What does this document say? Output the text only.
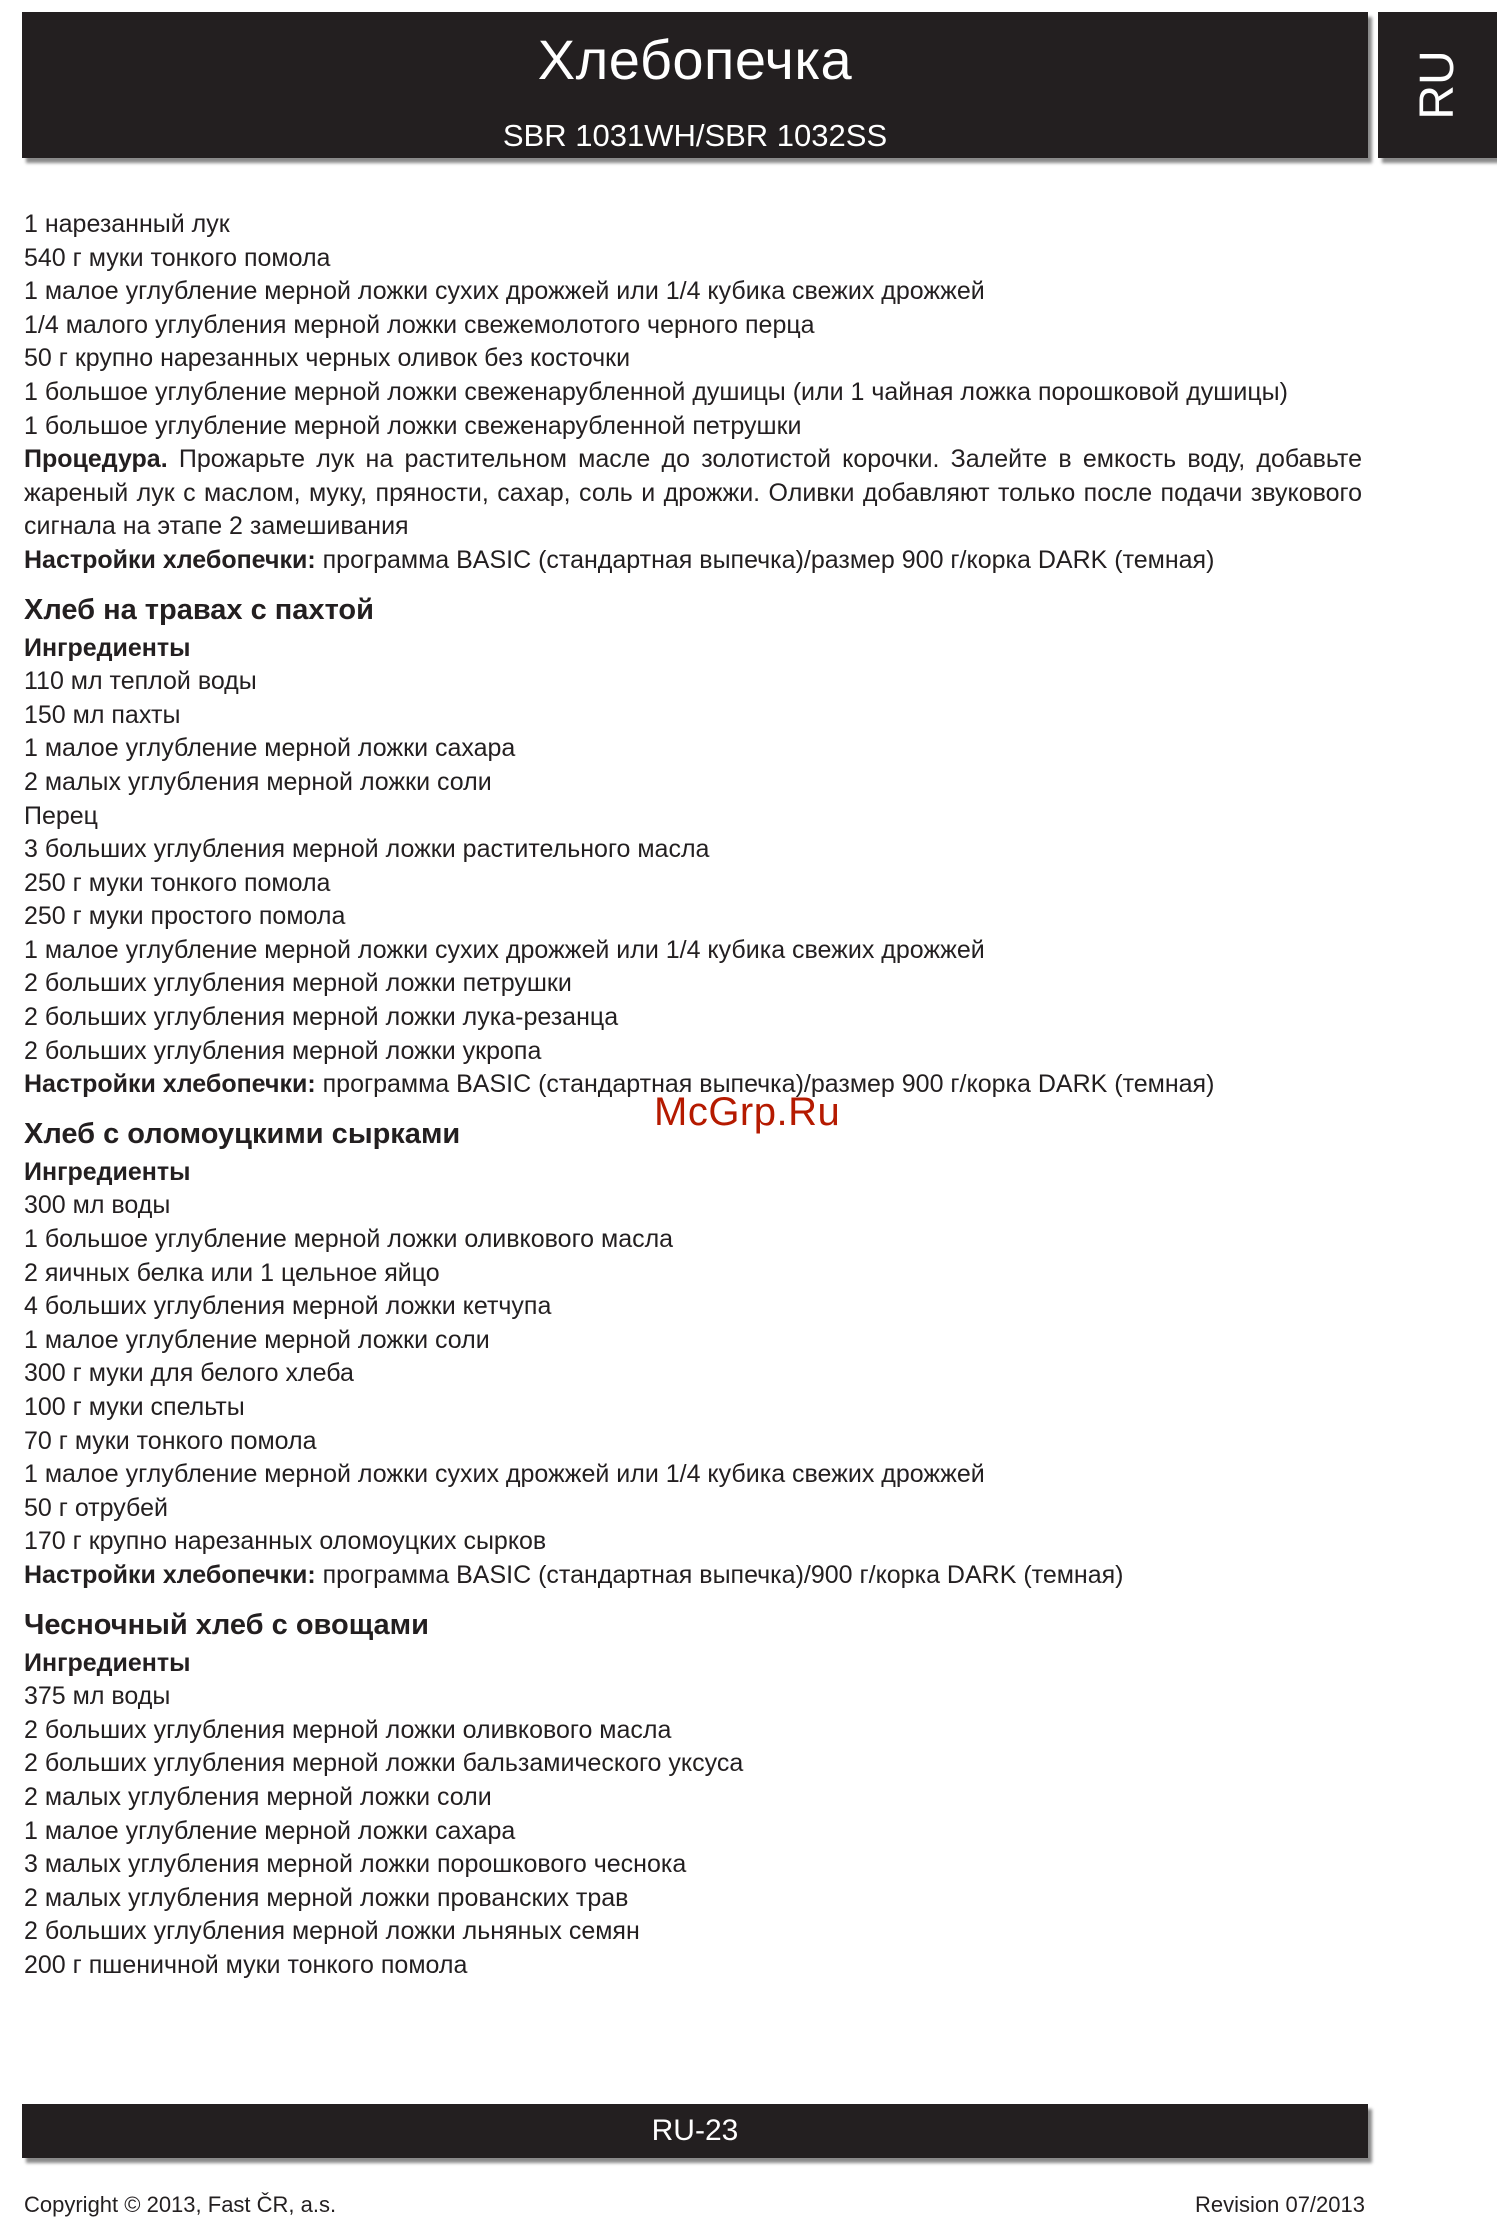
Хлебопечка
SBR 1031WH/SBR 1032SS
RU

1 нарезанный лук

540 г муки тонкого помола

1 малое углубление мерной ложки сухих дрожжей или 1/4 кубика свежих дрожжей

1/4 малого углубления мерной ложки свежемолотого черного перца

50 г крупно нарезанных черных оливок без косточки

1 большое углубление мерной ложки свеженарубленной душицы (или 1 чайная ложка порошковой душицы)

1 большое углубление мерной ложки свеженарубленной петрушки

Процедура. Прожарьте лук на растительном масле до золотистой корочки. Залейте в емкость воду, добавьте жареный лук с маслом, муку, пряности, сахар, соль и дрожжи. Оливки добавляют только после подачи звукового сигнала на этапе 2 замешивания

Настройки хлебопечки: программа BASIC (стандартная выпечка)/размер 900 г/корка DARK (темная)

Хлеб на травах с пахтой

Ингредиенты

110 мл теплой воды

150 мл пахты

1 малое углубление мерной ложки сахара

2 малых углубления мерной ложки соли

Перец

3 больших углубления мерной ложки растительного масла

250 г муки тонкого помола

250 г муки простого помола

1 малое углубление мерной ложки сухих дрожжей или 1/4 кубика свежих дрожжей

2 больших углубления мерной ложки петрушки

2 больших углубления мерной ложки лука-резанца

2 больших углубления мерной ложки укропа

Настройки хлебопечки: программа BASIC (стандартная выпечка)/размер 900 г/корка DARK (темная)

Хлеб с оломоуцкими сырками

Ингредиенты

300 мл воды

1 большое углубление мерной ложки оливкового масла

2 яичных белка или 1 цельное яйцо

4 больших углубления мерной ложки кетчупа

1 малое углубление мерной ложки соли

300 г муки для белого хлеба

100 г муки спельты

70 г муки тонкого помола

1 малое углубление мерной ложки сухих дрожжей или 1/4 кубика свежих дрожжей

50 г отрубей

170 г крупно нарезанных оломоуцких сырков

Настройки хлебопечки: программа BASIC (стандартная выпечка)/900 г/корка DARK (темная)

Чесночный хлеб с овощами

Ингредиенты

375 мл воды

2 больших углубления мерной ложки оливкового масла

2 больших углубления мерной ложки бальзамического уксуса

2 малых углубления мерной ложки соли

1 малое углубление мерной ложки сахара

3 малых углубления мерной ложки порошкового чеснока

2 малых углубления мерной ложки прованских трав

2 больших углубления мерной ложки льняных семян

200 г пшеничной муки тонкого помола

McGrp.Ru
RU-23
Copyright © 2013, Fast ČR, a.s.	Revision 07/2013
